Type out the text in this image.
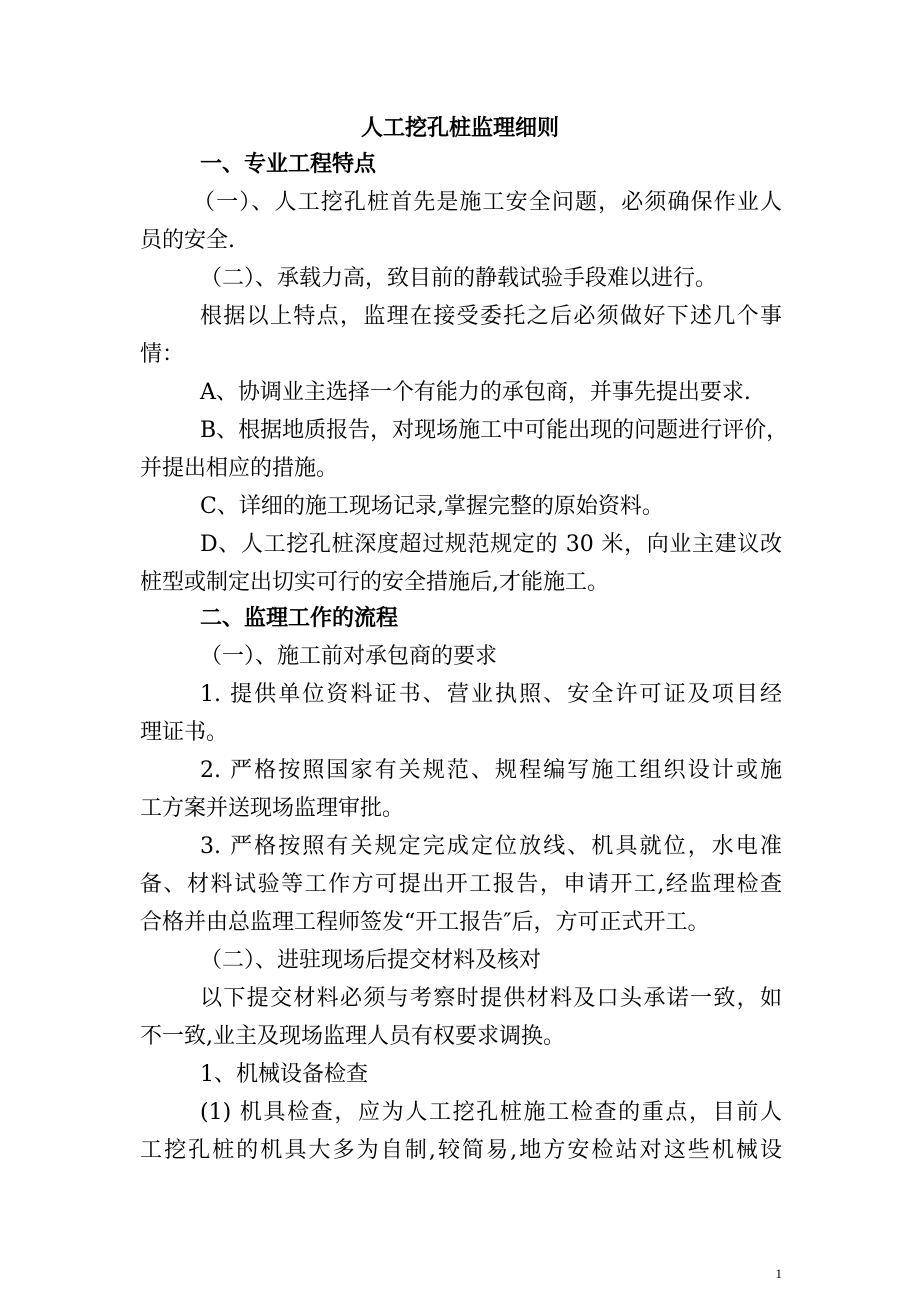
人工挖孔桩监理细则
一、专业工程特点
（一）、人工挖孔桩首先是施工安全问题，必须确保作业人
员的安全.
（二）、承载力高，致目前的静载试验手段难以进行。
根据以上特点，监理在接受委托之后必须做好下述几个事
情：
A、协调业主选择一个有能力的承包商，并事先提出要求.
B、根据地质报告，对现场施工中可能出现的问题进行评价，
并提出相应的措施。
C、详细的施工现场记录,掌握完整的原始资料。
D、人工挖孔桩深度超过规范规定的 30 米，向业主建议改
桩型或制定出切实可行的安全措施后,才能施工。
二、监理工作的流程
（一）、施工前对承包商的要求
1. 提供单位资料证书、营业执照、安全许可证及项目经
理证书。
2. 严格按照国家有关规范、规程编写施工组织设计或施
工方案并送现场监理审批。
3. 严格按照有关规定完成定位放线、机具就位，水电准
备、材料试验等工作方可提出开工报告，申请开工,经监理检查
合格并由总监理工程师签发“开工报告″后，方可正式开工。
（二）、进驻现场后提交材料及核对
以下提交材料必须与考察时提供材料及口头承诺一致，如
不一致,业主及现场监理人员有权要求调换。
1、机械设备检查
(1) 机具检查，应为人工挖孔桩施工检查的重点，目前人
工挖孔桩的机具大多为自制,较简易,地方安检站对这些机械设
1
